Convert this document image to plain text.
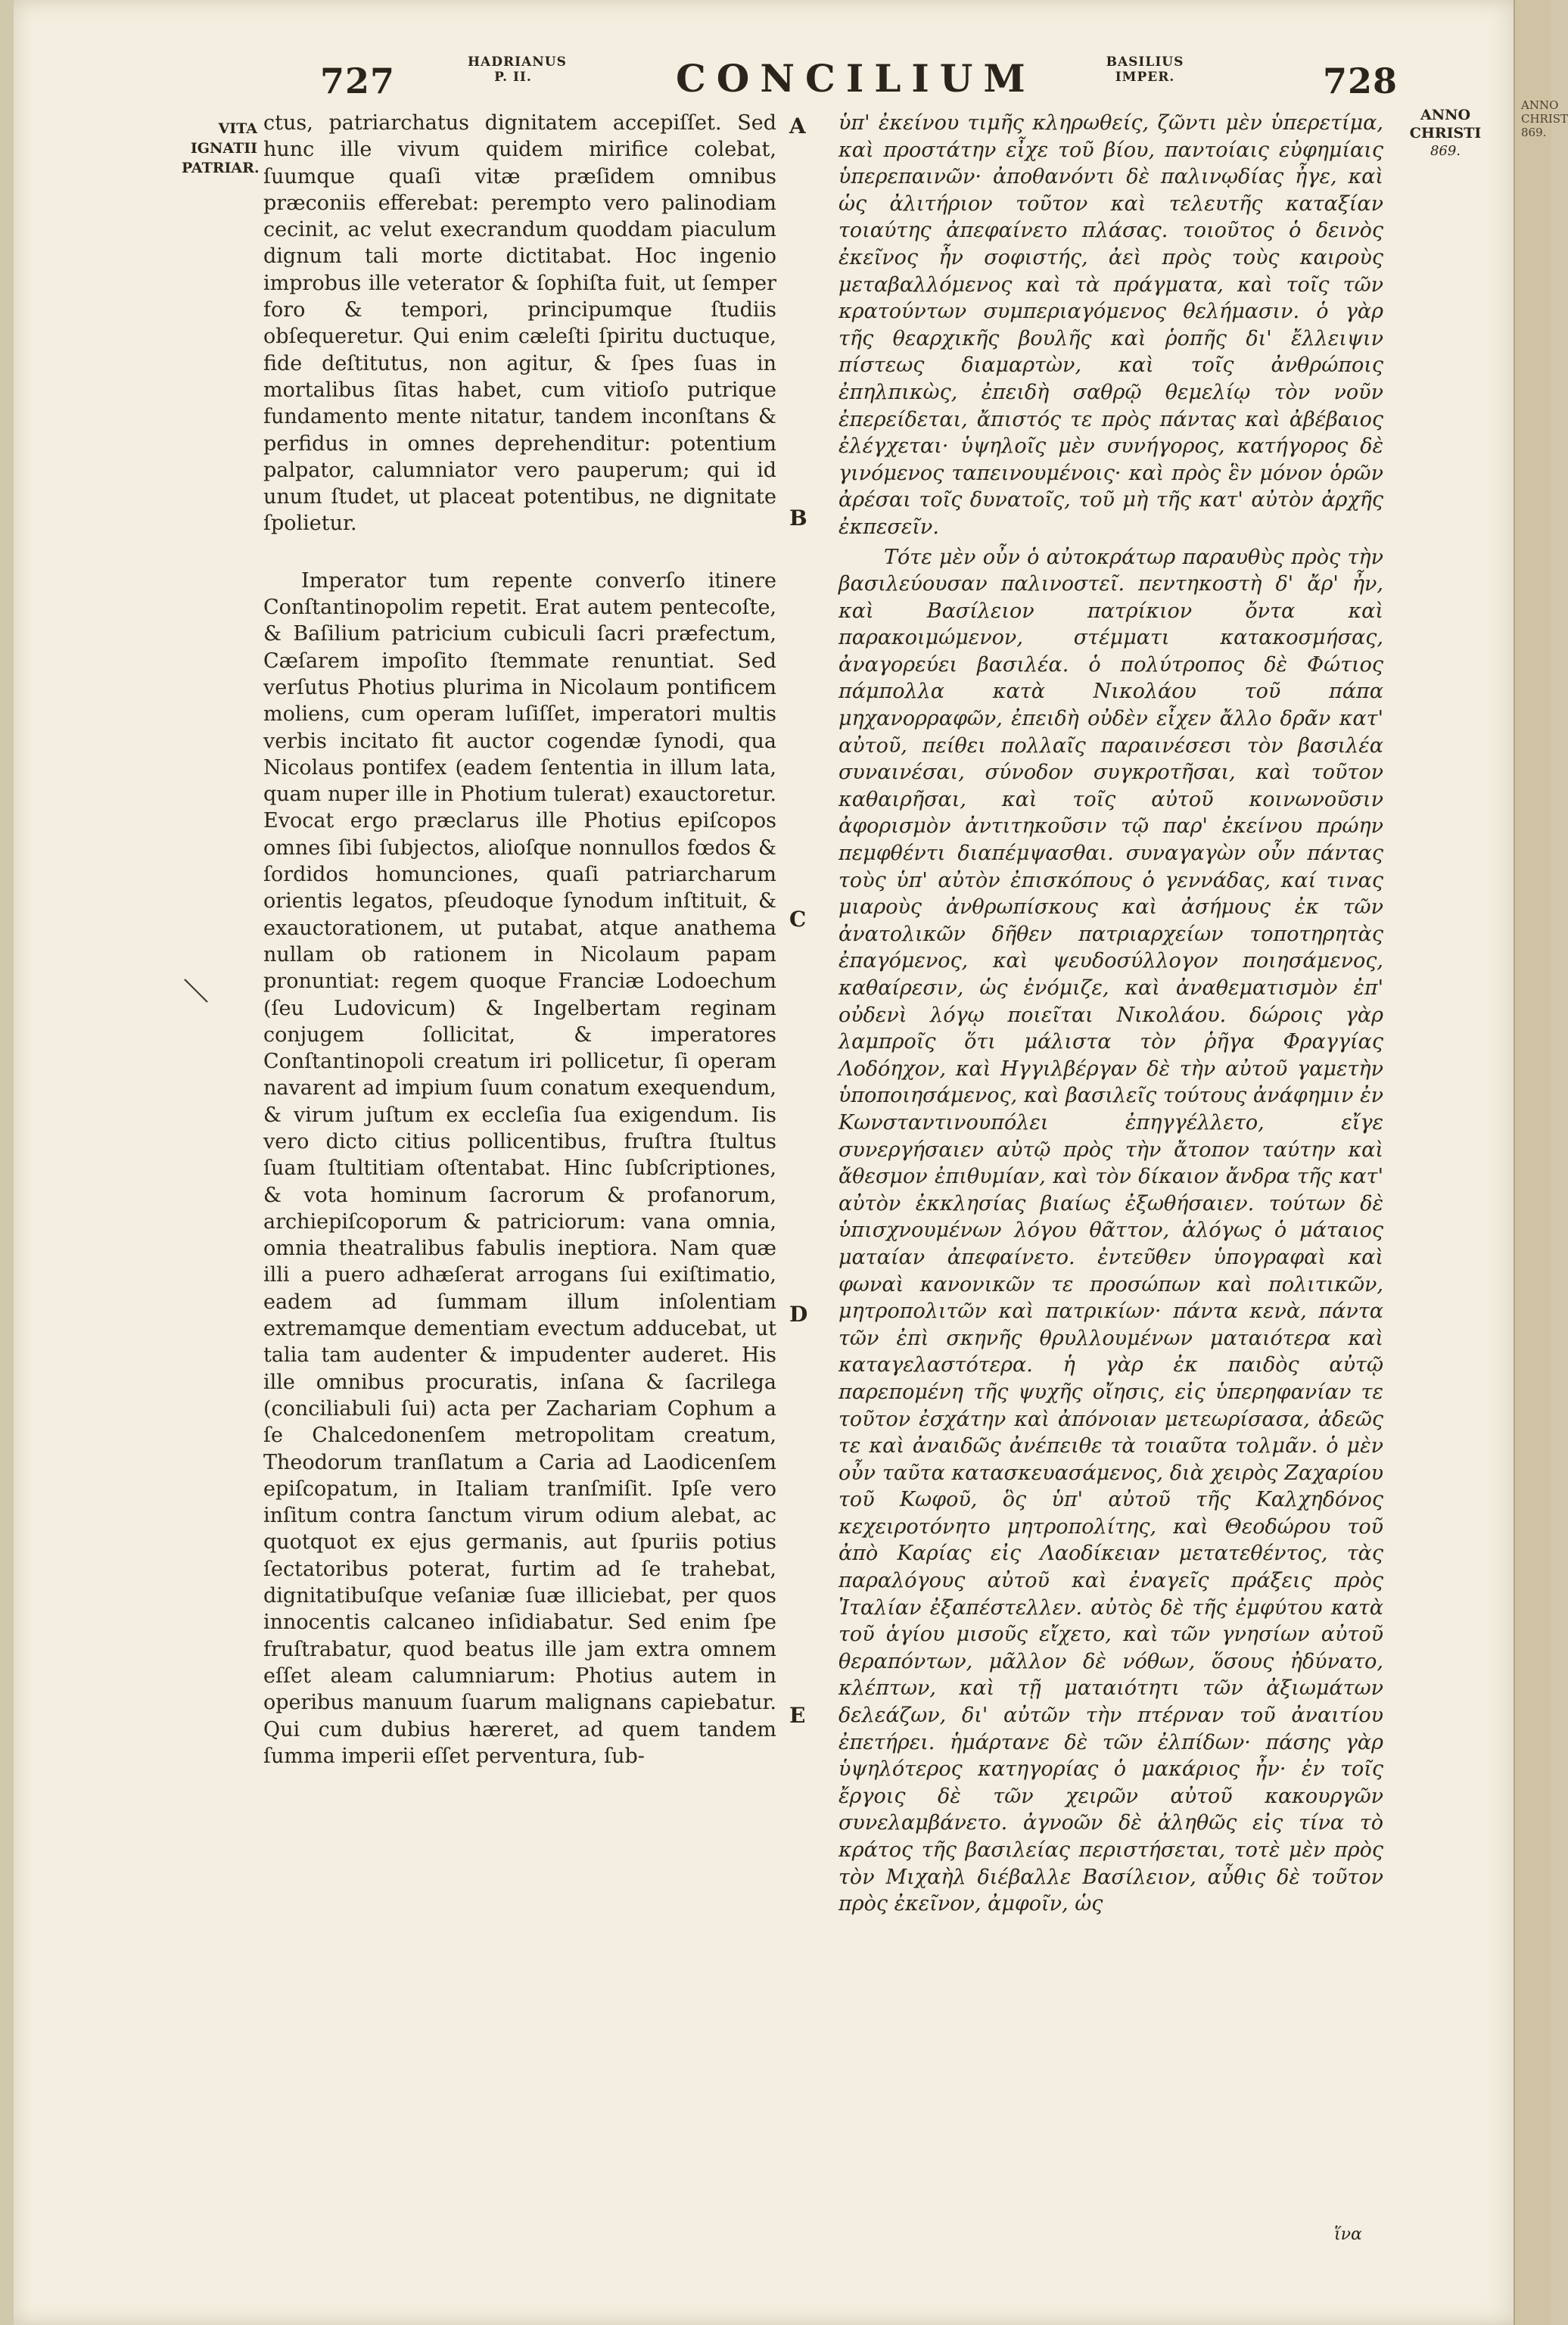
727	HADRIANUS
P. II.	CONCILIUM	BASILIUS
IMPER.	728
VITA
IGNATII
PATRIAR.
ANNO
CHRISTI
869.

ctus, patriarchatus dignitatem accepiſſet. Sed hunc ille vivum quidem mirifice colebat, ſuumque quaſi vitæ præſidem omnibus præconiis efferebat: perempto vero palinodiam cecinit, ac velut execrandum quoddam piaculum dignum tali morte dictitabat. Hoc ingenio improbus ille veterator & ſophiſta fuit, ut ſemper foro & tempori, principumque ſtudiis obſequeretur. Qui enim cæleſti ſpiritu ductuque, fide deſtitutus, non agitur, & ſpes ſuas in mortalibus ſitas habet, cum vitioſo putrique fundamento mente nitatur, tandem inconſtans & perfidus in omnes deprehenditur: potentium palpator, calumniator vero pauperum; qui id unum ſtudet, ut placeat potentibus, ne dignitate ſpolietur.

Imperator tum repente converſo itinere Conſtantinopolim repetit. Erat autem pentecoſte, & Baſilium patricium cubiculi ſacri præfectum, Cæſarem impoſito ſtemmate renuntiat. Sed verſutus Photius plurima in Nicolaum pontificem moliens, cum operam luſiſſet, imperatori multis verbis incitato fit auctor cogendæ ſynodi, qua Nicolaus pontifex (eadem ſententia in illum lata, quam nuper ille in Photium tulerat) exauctoretur. Evocat ergo præclarus ille Photius epiſcopos omnes ſibi ſubjectos, alioſque nonnullos fœdos & ſordidos homunciones, quaſi patriarcharum orientis legatos, pſeudoque ſynodum inſtituit, & exauctorationem, ut putabat, atque anathema nullam ob rationem in Nicolaum papam pronuntiat: regem quoque Franciæ Lodoechum (ſeu Ludovicum) & Ingelbertam reginam conjugem ſollicitat, & imperatores Conſtantinopoli creatum iri pollicetur, ſi operam navarent ad impium ſuum conatum exequendum, & virum juſtum ex eccleſia ſua exigendum. Iis vero dicto citius pollicentibus, fruſtra ſtultus ſuam ſtultitiam oſtentabat. Hinc ſubſcriptiones, & vota hominum ſacrorum & profanorum, archiepiſcoporum & patriciorum: vana omnia, omnia theatralibus fabulis ineptiora. Nam quæ illi a puero adhæſerat arrogans ſui exiſtimatio, eadem ad ſummam illum inſolentiam extremamque dementiam evectum adducebat, ut talia tam audenter & impudenter auderet. His ille omnibus procuratis, inſana & ſacrilega (conciliabuli ſui) acta per Zachariam Cophum a ſe Chalcedonenſem metropolitam creatum, Theodorum tranſlatum a Caria ad Laodicenſem epiſcopatum, in Italiam tranſmiſit. Ipſe vero inſitum contra ſanctum virum odium alebat, ac quotquot ex ejus germanis, aut ſpuriis potius ſectatoribus poterat, furtim ad ſe trahebat, dignitatibuſque veſaniæ ſuæ illiciebat, per quos innocentis calcaneo inſidiabatur. Sed enim ſpe fruſtrabatur, quod beatus ille jam extra omnem eſſet aleam calumniarum: Photius autem in operibus manuum ſuarum malignans capiebatur. Qui cum dubius hæreret, ad quem tandem ſumma imperii eſſet perventura, ſub-

A
B
C
D
E

ὑπ' ἐκείνου τιμῆς κληρωθείς, ζῶντι μὲν ὑπερετίμα, καὶ προστάτην εἶχε τοῦ βίου, παντοίαις εὐφημίαις ὑπερεπαινῶν· ἀποθανόντι δὲ παλινῳδίας ἦγε, καὶ ὡς ἀλιτήριον τοῦτον καὶ τελευτῆς καταξίαν τοιαύτης ἀπεφαίνετο πλάσας. τοιοῦτος ὁ δεινὸς ἐκεῖνος ἦν σοφιστής, ἀεὶ πρὸς τοὺς καιροὺς μεταβαλλόμενος καὶ τὰ πράγματα, καὶ τοῖς τῶν κρατούντων συμπεριαγόμενος θελήμασιν. ὁ γὰρ τῆς θεαρχικῆς βουλῆς καὶ ῥοπῆς δι' ἔλλειψιν πίστεως διαμαρτὼν, καὶ τοῖς ἀνθρώποις ἐπηλπικὼς, ἐπειδὴ σαθρῷ θεμελίῳ τὸν νοῦν ἐπερείδεται, ἄπιστός τε πρὸς πάντας καὶ ἀβέβαιος ἐλέγχεται· ὑψηλοῖς μὲν συνήγορος, κατήγορος δὲ γινόμενος ταπεινουμένοις· καὶ πρὸς ἓν μόνον ὁρῶν ἀρέσαι τοῖς δυνατοῖς, τοῦ μὴ τῆς κατ' αὐτὸν ἀρχῆς ἐκπεσεῖν.

Τότε μὲν οὖν ὁ αὐτοκράτωρ παραυθὺς πρὸς τὴν βασιλεύουσαν παλινοστεῖ. πεντηκοστὴ δ' ἄρ' ἦν, καὶ Βασίλειον πατρίκιον ὄντα καὶ παρακοιμώμενον, στέμματι κατακοσμήσας, ἀναγορεύει βασιλέα. ὁ πολύτροπος δὲ Φώτιος πάμπολλα κατὰ Νικολάου τοῦ πάπα μηχανορραφῶν, ἐπειδὴ οὐδὲν εἶχεν ἄλλο δρᾶν κατ' αὐτοῦ, πείθει πολλαῖς παραινέσεσι τὸν βασιλέα συναινέσαι, σύνοδον συγκροτῆσαι, καὶ τοῦτον καθαιρῆσαι, καὶ τοῖς αὐτοῦ κοινωνοῦσιν ἀφορισμὸν ἀντιτηκοῦσιν τῷ παρ' ἐκείνου πρώην πεμφθέντι διαπέμψασθαι. συναγαγὼν οὖν πάντας τοὺς ὑπ' αὐτὸν ἐπισκόπους ὁ γεννάδας, καί τινας μιαροὺς ἀνθρωπίσκους καὶ ἀσήμους ἐκ τῶν ἀνατολικῶν δῆθεν πατριαρχείων τοποτηρητὰς ἐπαγόμενος, καὶ ψευδοσύλλογον ποιησάμενος, καθαίρεσιν, ὡς ἐνόμιζε, καὶ ἀναθεματισμὸν ἐπ' οὐδενὶ λόγῳ ποιεῖται Νικολάου. δώροις γὰρ λαμπροῖς ὅτι μάλιστα τὸν ῥῆγα Φραγγίας Λοδόηχον, καὶ Ηγγιλβέργαν δὲ τὴν αὐτοῦ γαμετὴν ὑποποιησάμενος, καὶ βασιλεῖς τούτους ἀνάφημιν ἐν Κωνσταντινουπόλει ἐπηγγέλλετο, εἴγε συνεργήσαιεν αὐτῷ πρὸς τὴν ἄτοπον ταύτην καὶ ἄθεσμον ἐπιθυμίαν, καὶ τὸν δίκαιον ἄνδρα τῆς κατ' αὐτὸν ἐκκλησίας βιαίως ἐξωθήσαιεν. τούτων δὲ ὑπισχνουμένων λόγου θᾶττον, ἀλόγως ὁ μάταιος ματαίαν ἀπεφαίνετο. ἐντεῦθεν ὑπογραφαὶ καὶ φωναὶ κανονικῶν τε προσώπων καὶ πολιτικῶν, μητροπολιτῶν καὶ πατρικίων· πάντα κενὰ, πάντα τῶν ἐπὶ σκηνῆς θρυλλουμένων ματαιότερα καὶ καταγελαστότερα. ἡ γὰρ ἐκ παιδὸς αὐτῷ παρεπομένη τῆς ψυχῆς οἴησις, εἰς ὑπερηφανίαν τε τοῦτον ἐσχάτην καὶ ἀπόνοιαν μετεωρίσασα, ἀδεῶς τε καὶ ἀναιδῶς ἀνέπειθε τὰ τοιαῦτα τολμᾶν. ὁ μὲν οὖν ταῦτα κατασκευασάμενος, διὰ χειρὸς Ζαχαρίου τοῦ Κωφοῦ, ὃς ὑπ' αὐτοῦ τῆς Καλχηδόνος κεχειροτόνητο μητροπολίτης, καὶ Θεοδώρου τοῦ ἀπὸ Καρίας εἰς Λαοδίκειαν μετατεθέντος, τὰς παραλόγους αὐτοῦ καὶ ἐναγεῖς πράξεις πρὸς Ἰταλίαν ἐξαπέστελλεν. αὐτὸς δὲ τῆς ἐμφύτου κατὰ τοῦ ἁγίου μισοῦς εἴχετο, καὶ τῶν γνησίων αὐτοῦ θεραπόντων, μᾶλλον δὲ νόθων, ὅσους ἠδύνατο, κλέπτων, καὶ τῇ ματαιότητι τῶν ἀξιωμάτων δελεάζων, δι' αὐτῶν τὴν πτέρναν τοῦ ἀναιτίου ἐπετήρει. ἡμάρτανε δὲ τῶν ἐλπίδων· πάσης γὰρ ὑψηλότερος κατηγορίας ὁ μακάριος ἦν· ἐν τοῖς ἔργοις δὲ τῶν χειρῶν αὐτοῦ κακουργῶν συνελαμβάνετο. ἀγνοῶν δὲ ἀληθῶς εἰς τίνα τὸ κράτος τῆς βασιλείας περιστήσεται, τοτὲ μὲν πρὸς τὸν Μιχαὴλ διέβαλλε Βασίλειον, αὖθις δὲ τοῦτον πρὸς ἐκεῖνον, ἀμφοῖν, ὡς

ἵνα
ANNO CHRIST 869.
